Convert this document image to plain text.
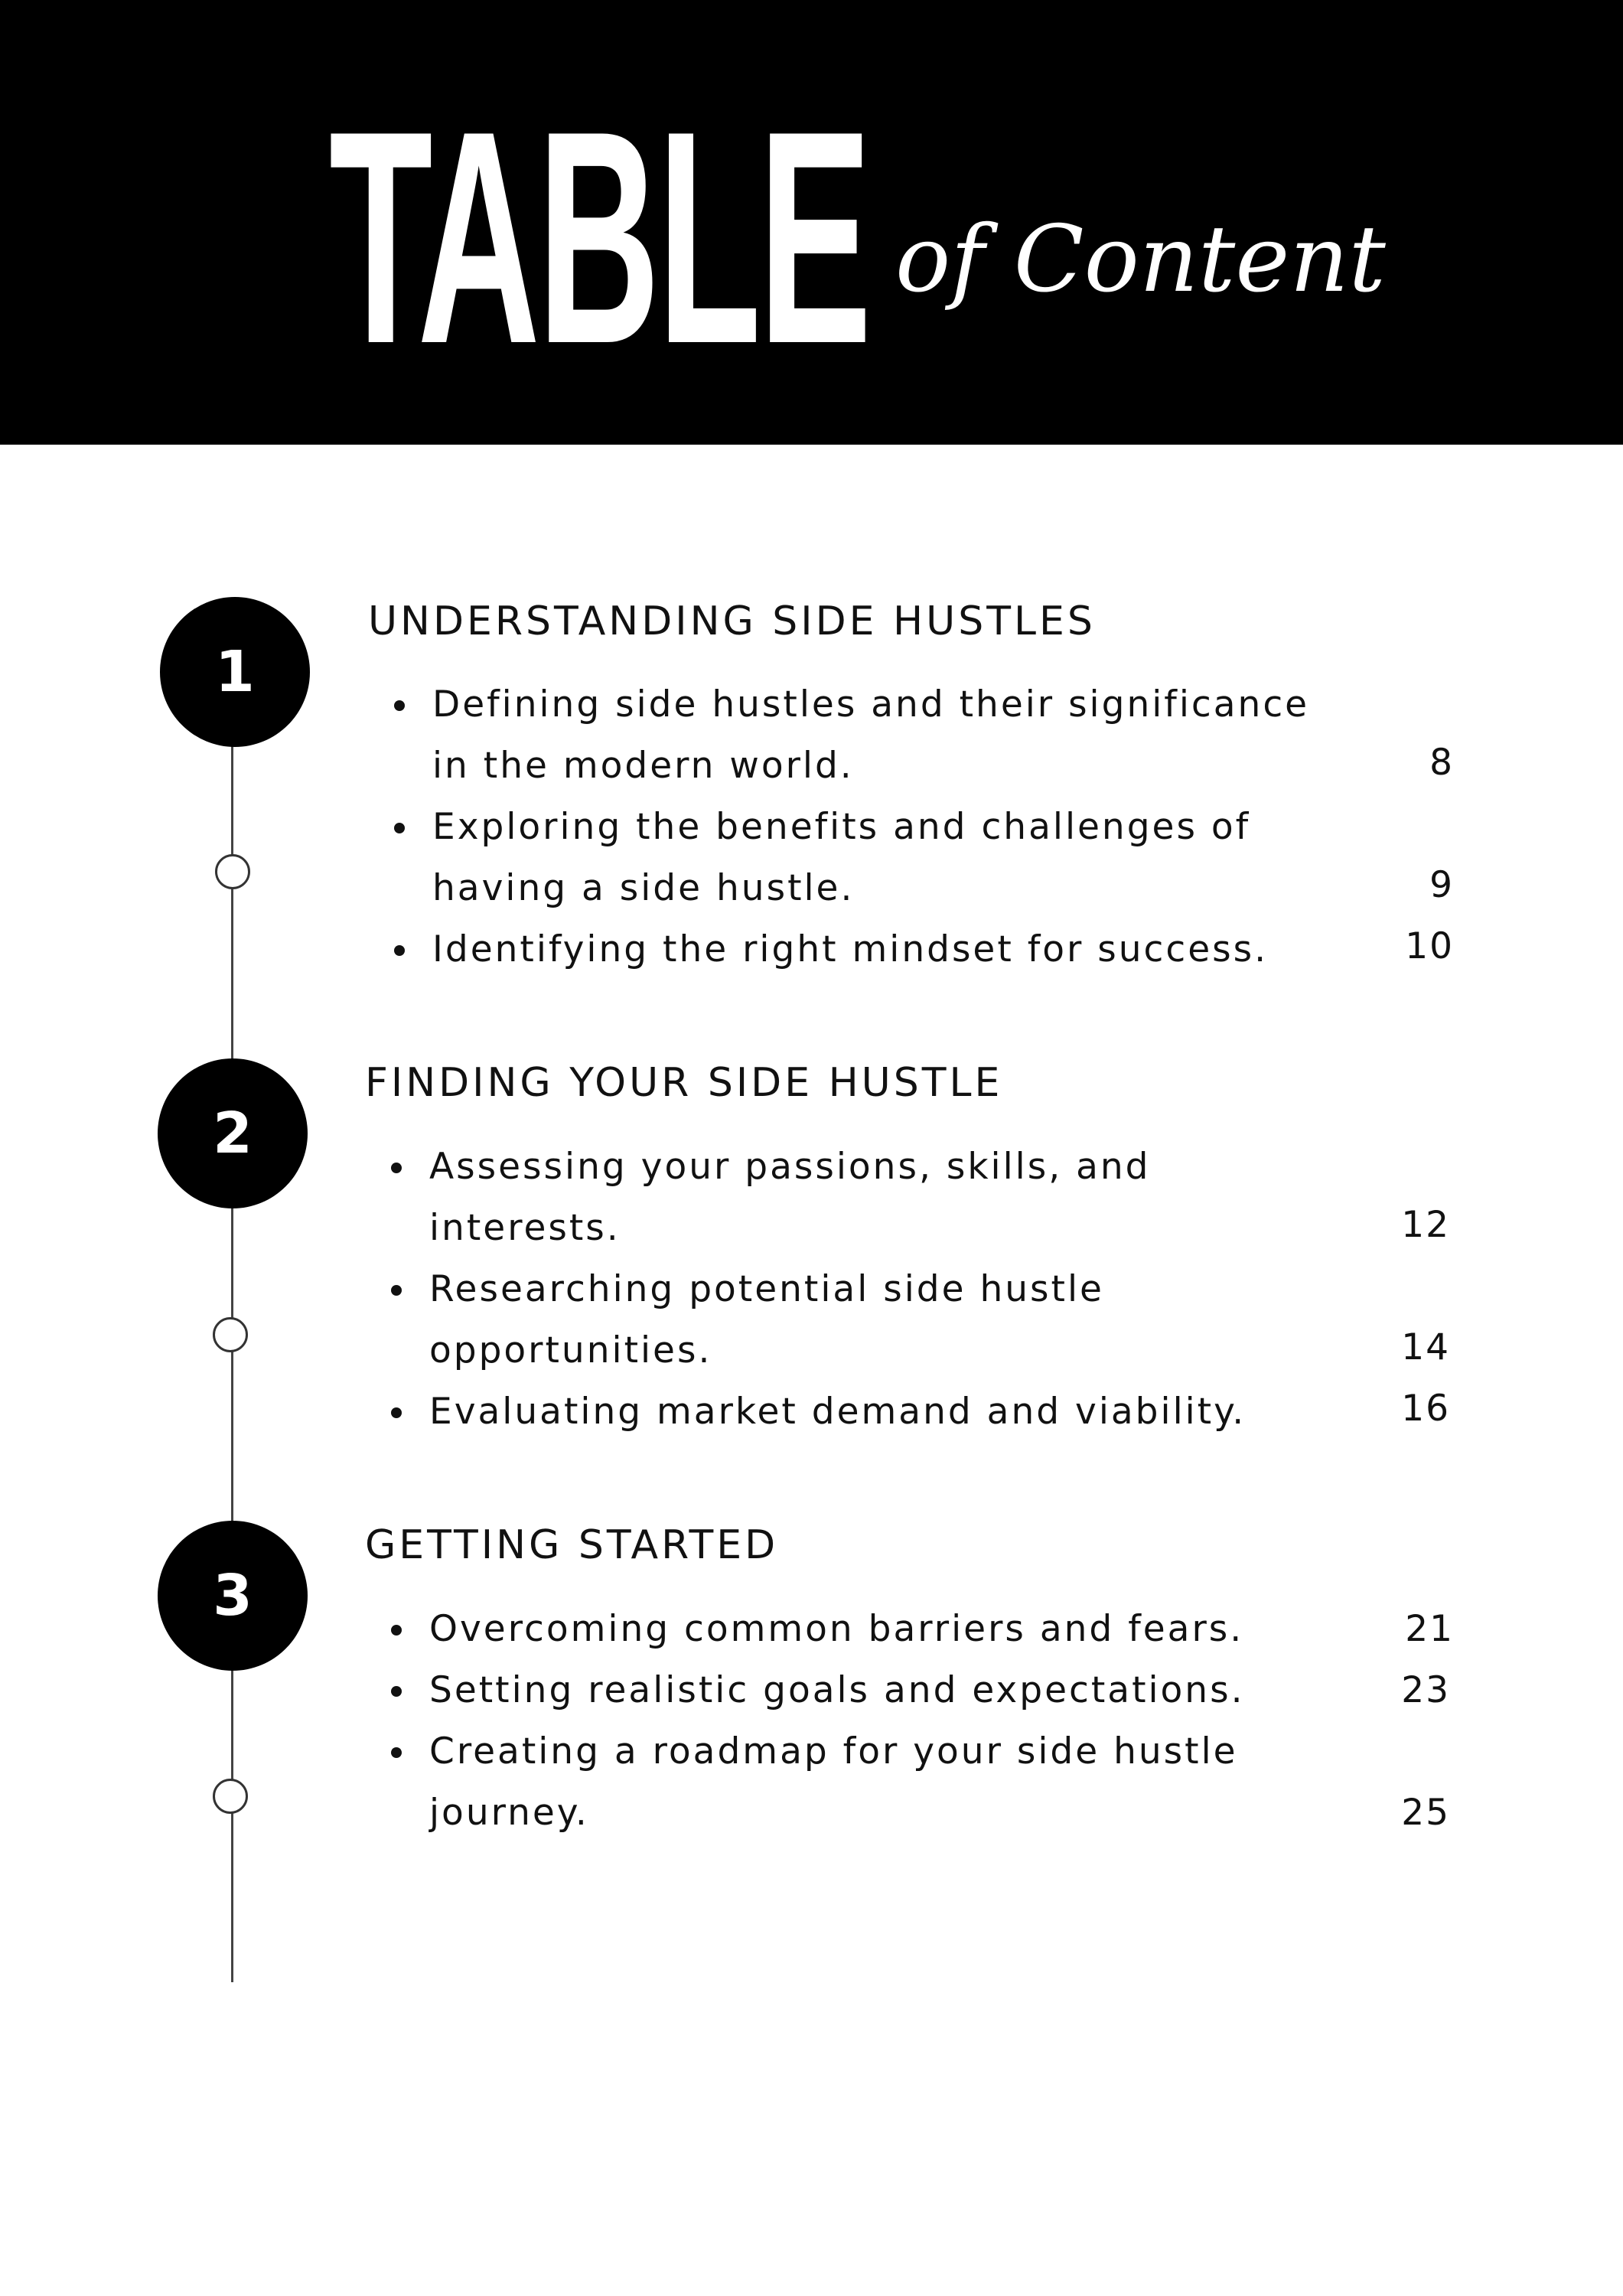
TABLE of Content
1
UNDERSTANDING SIDE HUSTLES
Defining side hustles and their significance
in the modern world.	8
Exploring the benefits and challenges of
having a side hustle.	9
Identifying the right mindset for success.	10
2
FINDING YOUR SIDE HUSTLE
Assessing your passions, skills, and
interests.	12
Researching potential side hustle
opportunities.	14
Evaluating market demand and viability.	16
3
GETTING STARTED
Overcoming common barriers and fears.	21
Setting realistic goals and expectations.	23
Creating a roadmap for your side hustle
journey.	25
